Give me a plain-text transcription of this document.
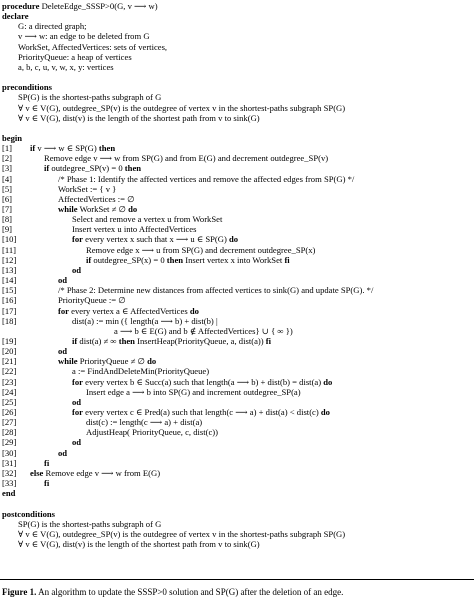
procedure DeleteEdge_SSSP>0(G, v ⟶ w)
declare
G: a directed graph;
v ⟶ w: an edge to be deleted from G
WorkSet, AffectedVertices: sets of vertices,
PriorityQueue: a heap of vertices
a, b, c, u, v, w, x, y: vertices
preconditions
SP(G) is the shortest-paths subgraph of G
∀ v ∈ V(G), outdegree_SP(v) is the outdegree of vertex v in the shortest-paths subgraph SP(G)
∀ v ∈ V(G), dist(v) is the length of the shortest path from v to sink(G)
begin
[1] if v ⟶ w ∈ SP(G) then
[2]	Remove edge v ⟶ w from SP(G) and from E(G) and decrement outdegree_SP(v)
[3]	if outdegree_SP(v) = 0 then
[4]	/* Phase 1: Identify the affected vertices and remove the affected edges from SP(G) */
[5]	WorkSet := { v }
[6]	AffectedVertices := ∅
[7]	while WorkSet ≠ ∅ do
[8]	Select and remove a vertex u from WorkSet
[9]	Insert vertex u into AffectedVertices
[10]	for every vertex x such that x ⟶ u ∈ SP(G) do
[11]	Remove edge x ⟶ u from SP(G) and decrement outdegree_SP(x)
[12]	if outdegree_SP(x) = 0 then Insert vertex x into WorkSet fi
[13]	od
[14]	od
[15]	/* Phase 2: Determine new distances from affected vertices to sink(G) and update SP(G). */
[16]	PriorityQueue := ∅
[17]	for every vertex a ∈ AffectedVertices do
[18]	dist(a) := min ({ length(a ⟶ b) + dist(b) |
a ⟶ b ∈ E(G) and b ∉ AffectedVertices} ∪ { ∞ })
[19]	if dist(a) ≠ ∞ then InsertHeap(PriorityQueue, a, dist(a)) fi
[20]	od
[21]	while PriorityQueue ≠ ∅ do
[22]	a := FindAndDeleteMin(PriorityQueue)
[23]	for every vertex b ∈ Succ(a) such that length(a ⟶ b) + dist(b) = dist(a) do
[24]	Insert edge a ⟶ b into SP(G) and increment outdegree_SP(a)
[25]	od
[26]	for every vertex c ∈ Pred(a) such that length(c ⟶ a) + dist(a) < dist(c) do
[27]	dist(c) := length(c ⟶ a) + dist(a)
[28]	AdjustHeap( PriorityQueue, c, dist(c))
[29]	od
[30]	od
[31]	fi
[32] else Remove edge v ⟶ w from E(G)
[33]	fi
end
postconditions
SP(G) is the shortest-paths subgraph of G
∀ v ∈ V(G), outdegree_SP(v) is the outdegree of vertex v in the shortest-paths subgraph SP(G)
∀ v ∈ V(G), dist(v) is the length of the shortest path from v to sink(G)
Figure 1. An algorithm to update the SSSP>0 solution and SP(G) after the deletion of an edge.
